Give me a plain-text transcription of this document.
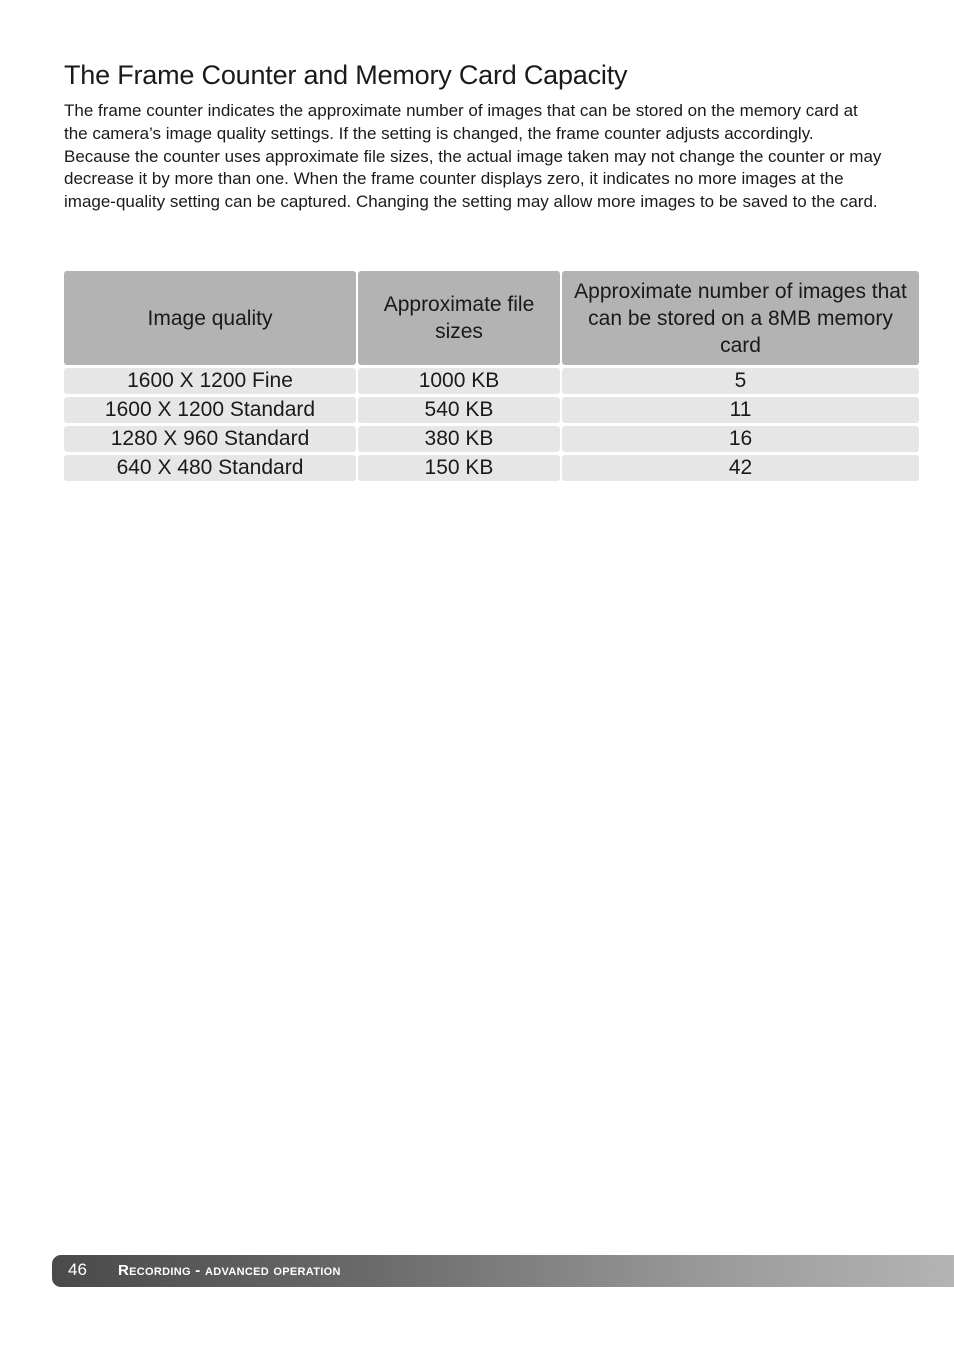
The Frame Counter and Memory Card Capacity

The frame counter indicates the approximate number of images that can be stored on the memory card at the camera’s image quality settings. If the setting is changed, the frame counter adjusts accordingly. Because the counter uses approximate file sizes, the actual image taken may not change the counter or may decrease it by more than one. When the frame counter displays zero, it indicates no more images at the image-quality setting can be captured. Changing the setting may allow more images to be saved to the card.

Image quality	Approximate file sizes	Approximate number of images that can be stored on a 8MB memory card
1600 X 1200 Fine	1000 KB	5
1600 X 1200 Standard	540 KB	11
1280 X 960 Standard	380 KB	16
640 X 480 Standard	150 KB	42
46 Recording - advanced operation
